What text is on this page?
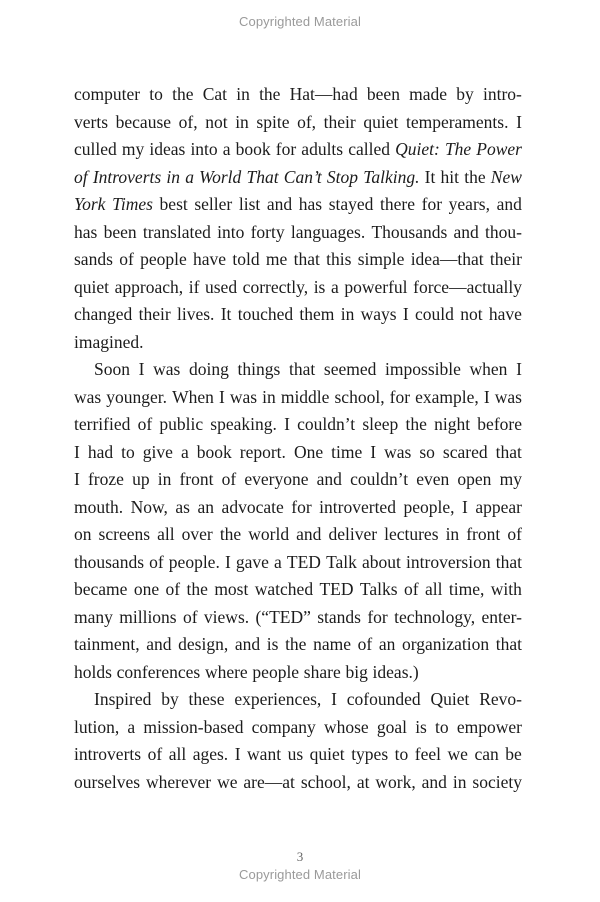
Copyrighted Material
computer to the Cat in the Hat—had been made by intro-
verts because of, not in spite of, their quiet temperaments. I
culled my ideas into a book for adults called Quiet: The Power
of Introverts in a World That Can’t Stop Talking. It hit the New
York Times best seller list and has stayed there for years, and
has been translated into forty languages. Thousands and thou-
sands of people have told me that this simple idea—that their
quiet approach, if used correctly, is a powerful force—actually
changed their lives. It touched them in ways I could not have
imagined.
Soon I was doing things that seemed impossible when I
was younger. When I was in middle school, for example, I was
terrified of public speaking. I couldn’t sleep the night before
I had to give a book report. One time I was so scared that
I froze up in front of everyone and couldn’t even open my
mouth. Now, as an advocate for introverted people, I appear
on screens all over the world and deliver lectures in front of
thousands of people. I gave a TED Talk about introversion that
became one of the most watched TED Talks of all time, with
many millions of views. (“TED” stands for technology, enter-
tainment, and design, and is the name of an organization that
holds conferences where people share big ideas.)
Inspired by these experiences, I cofounded Quiet Revo-
lution, a mission-based company whose goal is to empower
introverts of all ages. I want us quiet types to feel we can be
ourselves wherever we are—at school, at work, and in society
3
Copyrighted Material
